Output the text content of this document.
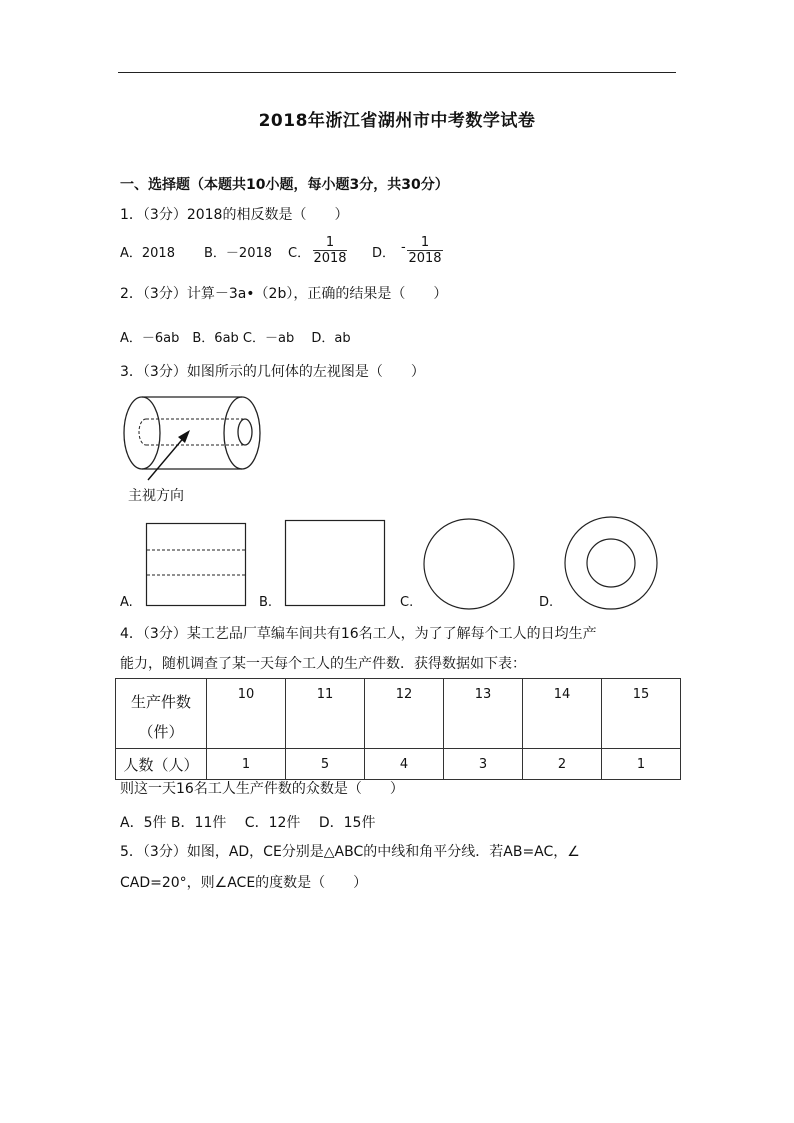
2018年浙江省湖州市中考数学试卷
一、选择题（本题共10小题，每小题3分，共30分）
1．（3分）2018的相反数是（　　）
A．2018 B．－2018 C．
1
2018 D． -	1
2018
2．（3分）计算－3a•（2b），正确的结果是（　　）
A．－6ab　B．6ab C．－ab　 D．ab
3．（3分）如图所示的几何体的左视图是（　　）
主视方向
A.	B.	C.	D.
4．（3分）某工艺品厂草编车间共有16名工人，为了了解每个工人的日均生产
能力，随机调查了某一天每个工人的生产件数．获得数据如下表：
生产件数
（件）	10	11	12	13	14	15
人数（人）	1	5	4	3	2	1
则这一天16名工人生产件数的众数是（　　）
A．5件 B．11件　 C．12件　 D．15件
5．（3分）如图，AD，CE分别是△ABC的中线和角平分线．若AB=AC，∠
CAD=20°，则∠ACE的度数是（　　）
